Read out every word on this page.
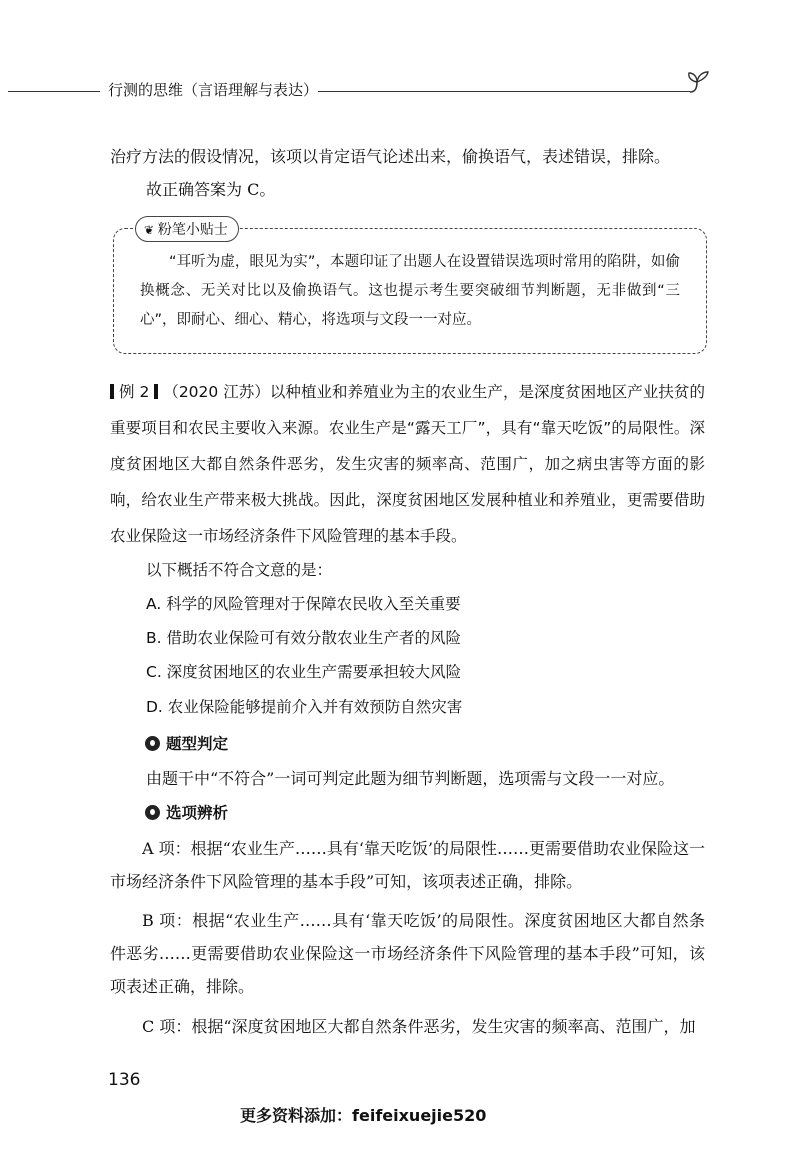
行测的思维（言语理解与表达）
治疗方法的假设情况，该项以肯定语气论述出来，偷换语气，表述错误，排除。
故正确答案为 C。
❦ 粉笔小贴士
“耳听为虚，眼见为实”，本题印证了出题人在设置错误选项时常用的陷阱，如偷换概念、无关对比以及偷换语气。这也提示考生要突破细节判断题，无非做到“三心”，即耐心、细心、精心，将选项与文段一一对应。
例 2 （2020 江苏）以种植业和养殖业为主的农业生产，是深度贫困地区产业扶贫的重要项目和农民主要收入来源。农业生产是“露天工厂”，具有“靠天吃饭”的局限性。深度贫困地区大都自然条件恶劣，发生灾害的频率高、范围广，加之病虫害等方面的影响，给农业生产带来极大挑战。因此，深度贫困地区发展种植业和养殖业，更需要借助农业保险这一市场经济条件下风险管理的基本手段。
以下概括不符合文意的是：
A. 科学的风险管理对于保障农民收入至关重要
B. 借助农业保险可有效分散农业生产者的风险
C. 深度贫困地区的农业生产需要承担较大风险
D. 农业保险能够提前介入并有效预防自然灾害
题型判定
由题干中“不符合”一词可判定此题为细节判断题，选项需与文段一一对应。
选项辨析
A 项：根据“农业生产……具有‘靠天吃饭’的局限性……更需要借助农业保险这一市场经济条件下风险管理的基本手段”可知，该项表述正确，排除。
B 项：根据“农业生产……具有‘靠天吃饭’的局限性。深度贫困地区大都自然条件恶劣……更需要借助农业保险这一市场经济条件下风险管理的基本手段”可知，该项表述正确，排除。
C 项：根据“深度贫困地区大都自然条件恶劣，发生灾害的频率高、范围广，加
136
更多资料添加：feifeixuejie520
